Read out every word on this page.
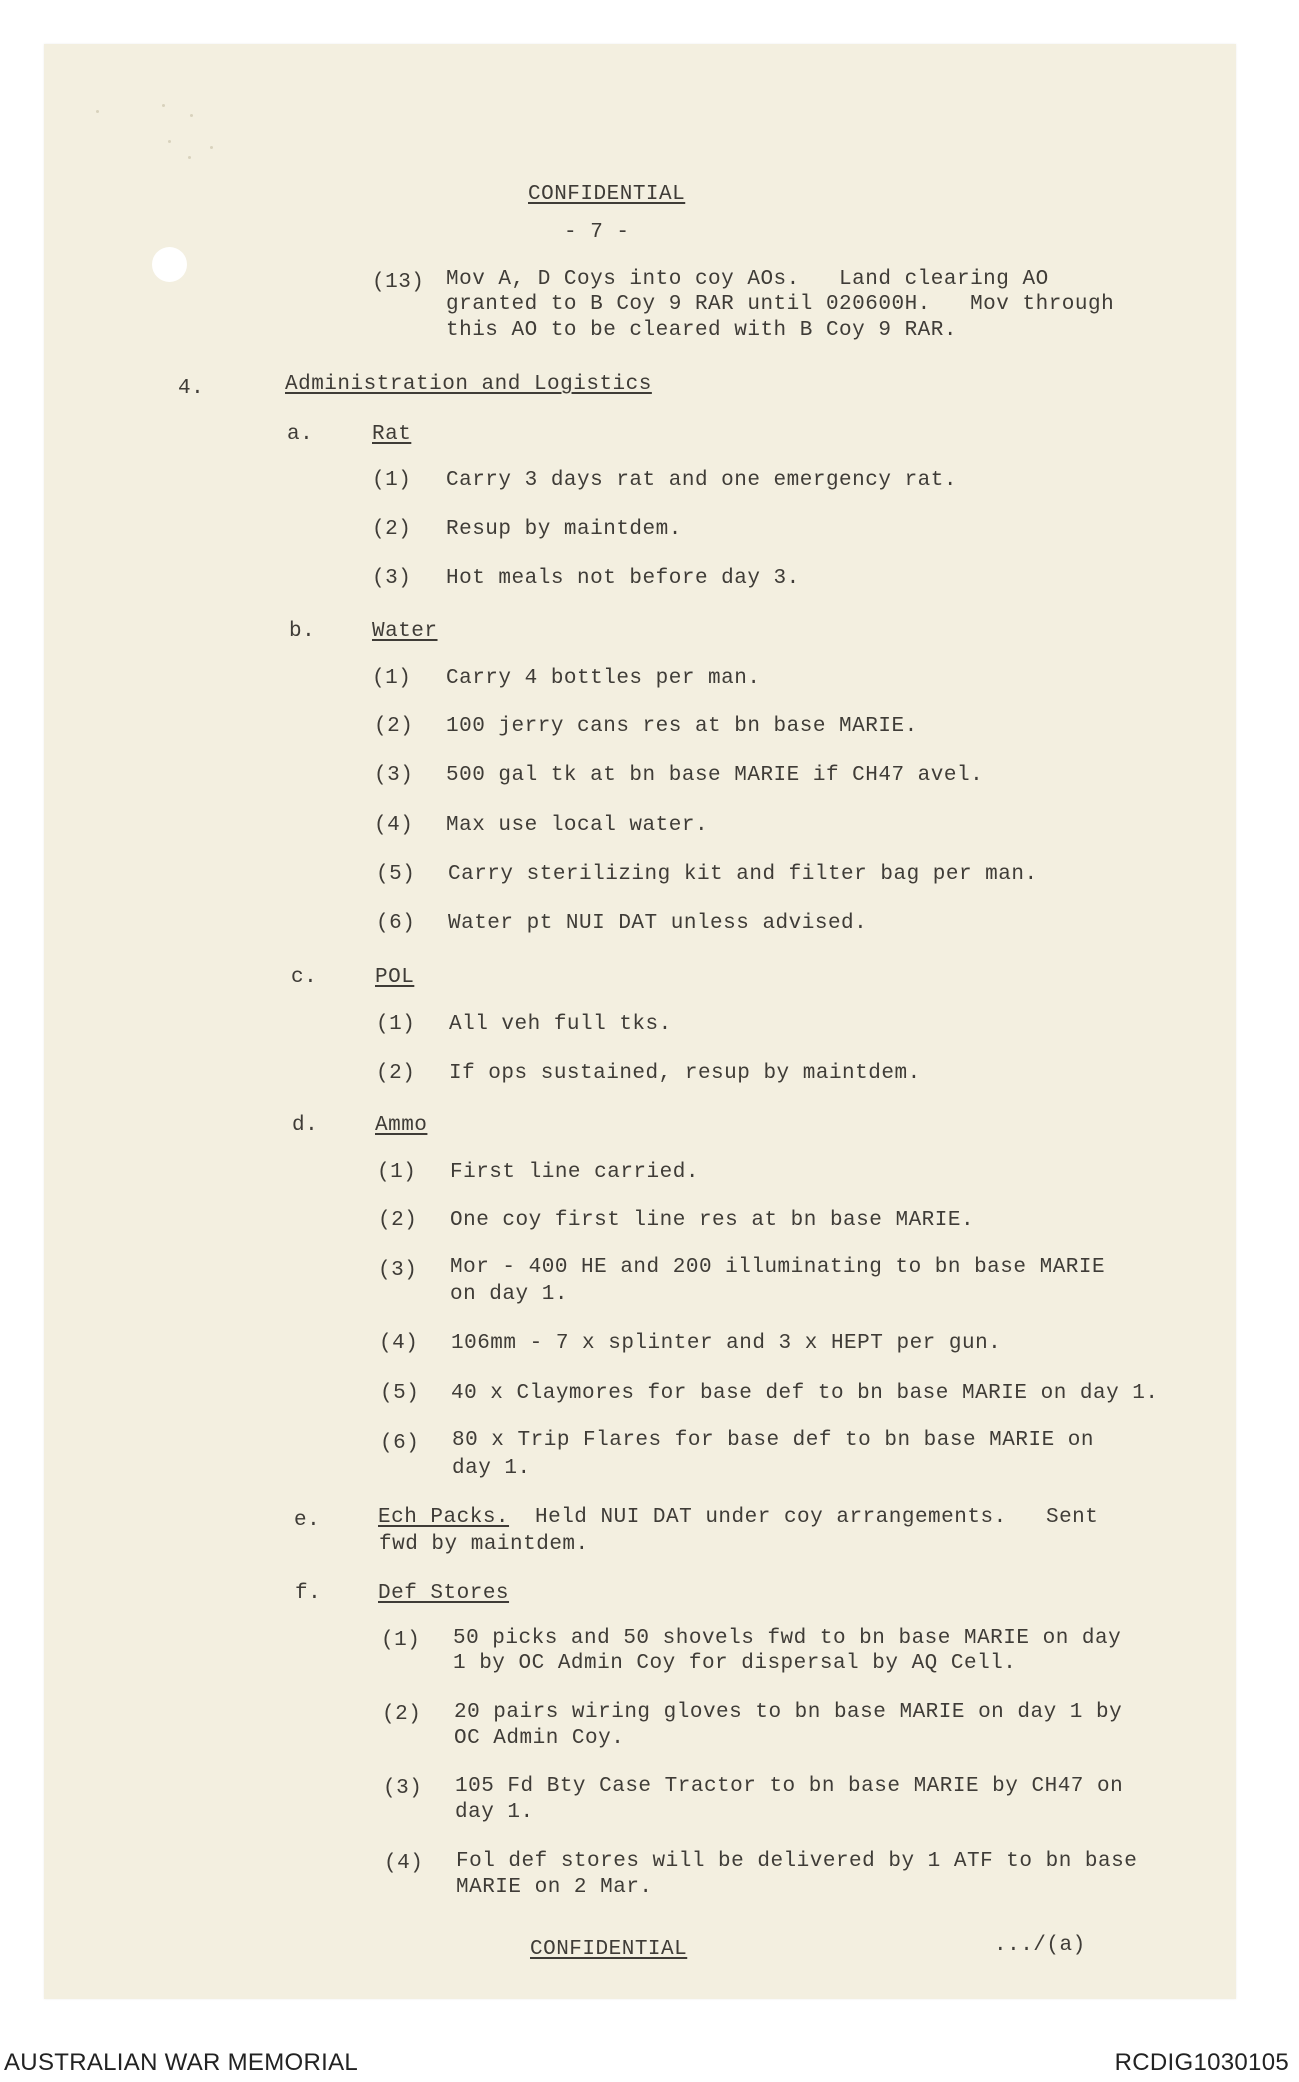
CONFIDENTIAL
- 7 -
(13) Mov A, D Coys into coy AOs.   Land clearing AO
granted to B Coy 9 RAR until 020600H.   Mov through
this AO to be cleared with B Coy 9 RAR.
4.	Administration and Logistics
a.	Rat
(1) Carry 3 days rat and one emergency rat.
(2) Resup by maintdem.
(3) Hot meals not before day 3.
b.	Water
(1) Carry 4 bottles per man.
(2) 100 jerry cans res at bn base MARIE.
(3) 500 gal tk at bn base MARIE if CH47 avel.
(4) Max use local water.
(5) Carry sterilizing kit and filter bag per man.
(6) Water pt NUI DAT unless advised.
c.	POL
(1) All veh full tks.
(2) If ops sustained, resup by maintdem.
d.	Ammo
(1) First line carried.
(2) One coy first line res at bn base MARIE.
(3) Mor - 400 HE and 200 illuminating to bn base MARIE
on day 1.
(4) 106mm - 7 x splinter and 3 x HEPT per gun.
(5) 40 x Claymores for base def to bn base MARIE on day 1.
(6) 80 x Trip Flares for base def to bn base MARIE on
day 1.
e.	Ech Packs. Held NUI DAT under coy arrangements.   Sent
fwd by maintdem.
f.	Def Stores
(1) 50 picks and 50 shovels fwd to bn base MARIE on day
1 by OC Admin Coy for dispersal by AQ Cell.
(2) 20 pairs wiring gloves to bn base MARIE on day 1 by
OC Admin Coy.
(3) 105 Fd Bty Case Tractor to bn base MARIE by CH47 on
day 1.
(4) Fol def stores will be delivered by 1 ATF to bn base
MARIE on 2 Mar.
CONFIDENTIAL	.../(a)
AUSTRALIAN WAR MEMORIAL	RCDIG1030105
